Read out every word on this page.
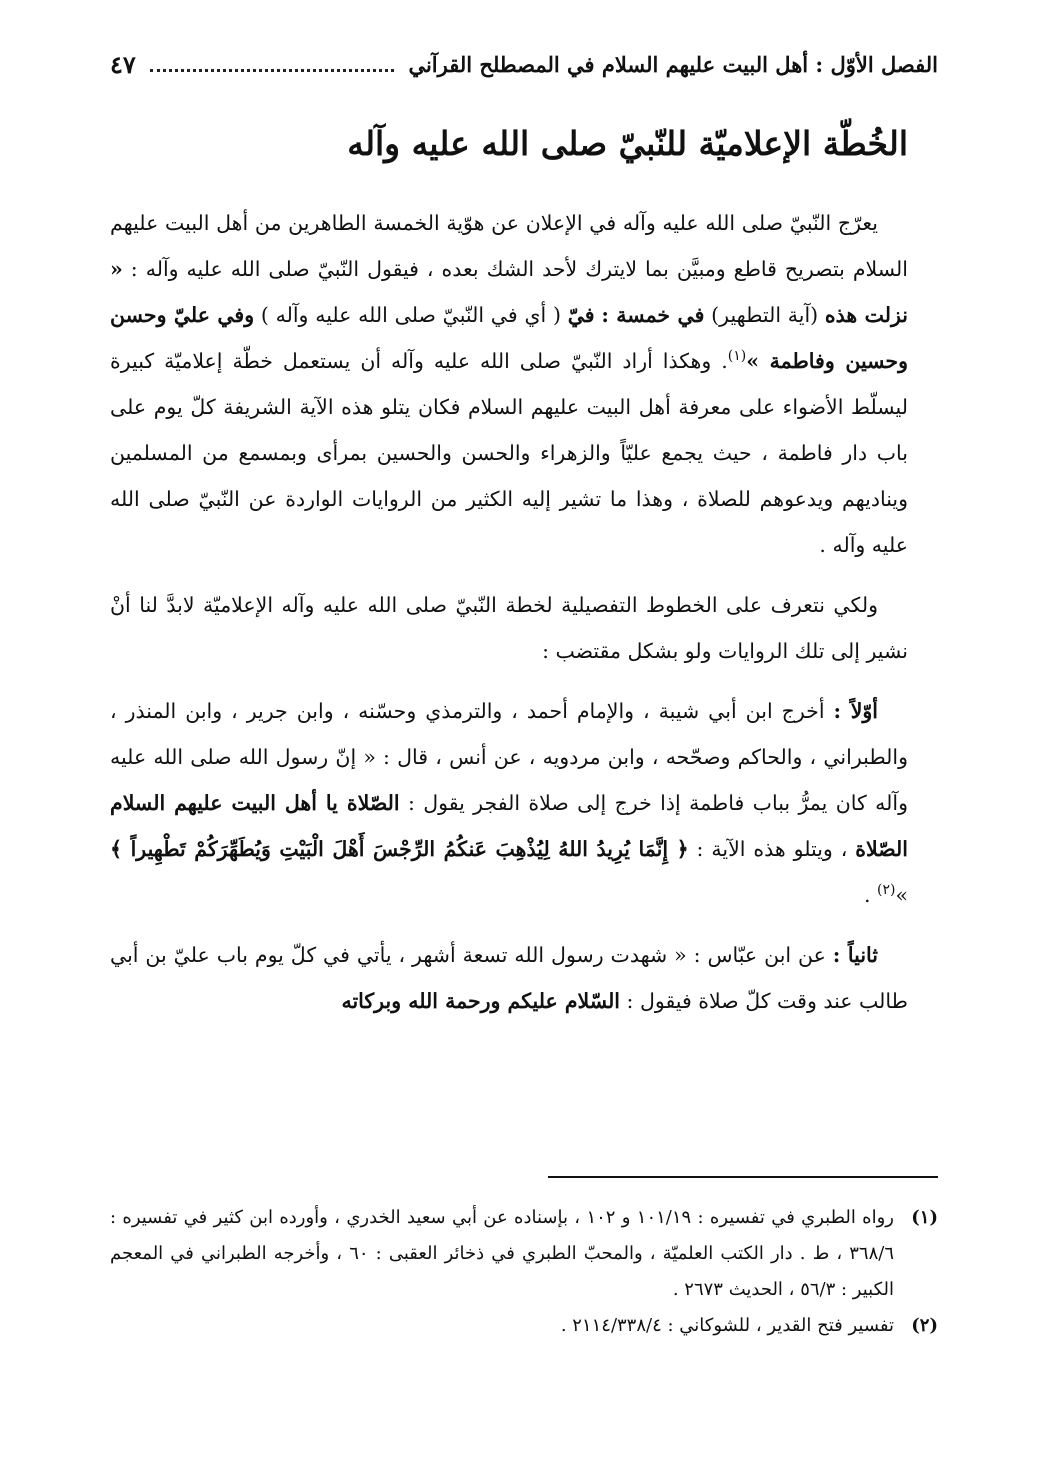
الفصل الأوّل : أهل البيت عليهم السلام في المصطلح القرآني
٤٧
الخُطّة الإعلاميّة للنّبيّ صلى الله عليه وآله

يعرّج النّبيّ صلى الله عليه وآله في الإعلان عن هوّية الخمسة الطاهرين من أهل البيت عليهم السلام بتصريح قاطع ومبيَّن بما لايترك لأحد الشك بعده ، فيقول النّبيّ صلى الله عليه وآله : « نزلت هذه (آية التطهير) في خمسة : فيّ ( أي في النّبيّ صلى الله عليه وآله ) وفي عليّ وحسن وحسين وفاطمة »$^{(١)}$. وهكذا أراد النّبيّ صلى الله عليه وآله أن يستعمل خطّة إعلاميّة كبيرة ليسلّط الأضواء على معرفة أهل البيت عليهم السلام فكان يتلو هذه الآية الشريفة كلّ يوم على باب دار فاطمة ، حيث يجمع عليّاً والزهراء والحسن والحسين بمرأى وبمسمع من المسلمين ويناديهم ويدعوهم للصلاة ، وهذا ما تشير إليه الكثير من الروايات الواردة عن النّبيّ صلى الله عليه وآله .

ولكي نتعرف على الخطوط التفصيلية لخطة النّبيّ صلى الله عليه وآله الإعلاميّة لابدَّ لنا أنْ نشير إلى تلك الروايات ولو بشكل مقتضب :

أوّلاً : أخرج ابن أبي شيبة ، والإمام أحمد ، والترمذي وحسّنه ، وابن جرير ، وابن المنذر ، والطبراني ، والحاكم وصحّحه ، وابن مردويه ، عن أنس ، قال : « إنّ رسول الله صلى الله عليه وآله كان يمرُّ بباب فاطمة إذا خرج إلى صلاة الفجر يقول : الصّلاة يا أهل البيت عليهم السلام الصّلاة ، ويتلو هذه الآية : ﴿ إِنَّمَا يُرِيدُ اللهُ لِيُذْهِبَ عَنكُمُ الرِّجْسَ أَهْلَ الْبَيْتِ وَيُطَهِّرَكُمْ تَطْهِيراً ﴾ »$^{(٢)}$ .

ثانياً : عن ابن عبّاس : « شهدت رسول الله تسعة أشهر ، يأتي في كلّ يوم باب عليّ بن أبي طالب عند وقت كلّ صلاة فيقول : السّلام عليكم ورحمة الله وبركاته

(١)
رواه الطبري في تفسيره : ١٠١/١٩ و ١٠٢ ، بإسناده عن أبي سعيد الخدري ، وأورده ابن كثير في تفسيره : ٣٦٨/٦ ، ط . دار الكتب العلميّة ، والمحبّ الطبري في ذخائر العقبى : ٦٠ ، وأخرجه الطبراني في المعجم الكبير : ٥٦/٣ ، الحديث ٢٦٧٣ .
(٢)
تفسير فتح القدير ، للشوكاني : ٢١١٤/٣٣٨/٤ .
